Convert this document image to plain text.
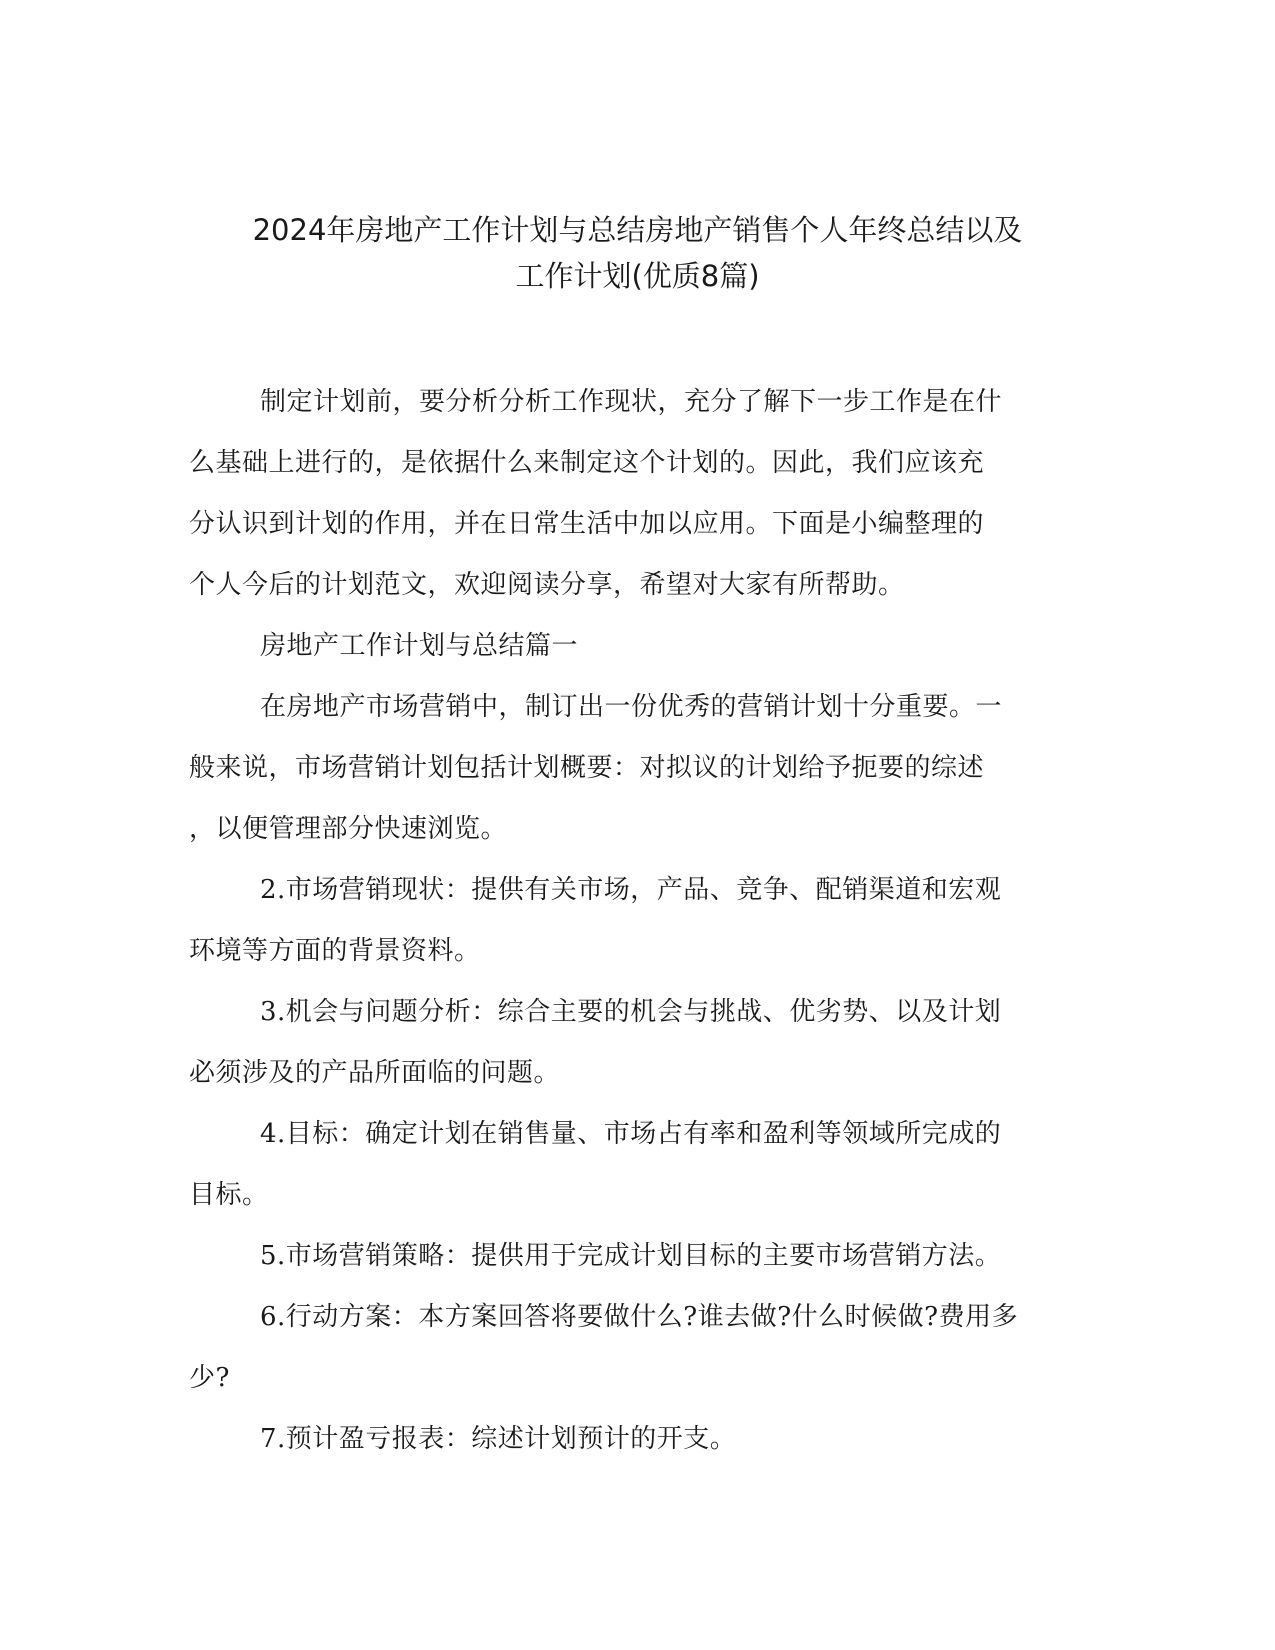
2024年房地产工作计划与总结房地产销售个人年终总结以及
工作计划(优质8篇)

制定计划前，要分析分析工作现状，充分了解下一步工作是在什
么基础上进行的，是依据什么来制定这个计划的。因此，我们应该充
分认识到计划的作用，并在日常生活中加以应用。下面是小编整理的
个人今后的计划范文，欢迎阅读分享，希望对大家有所帮助。

房地产工作计划与总结篇一

在房地产市场营销中，制订出一份优秀的营销计划十分重要。一
般来说，市场营销计划包括计划概要：对拟议的计划给予扼要的综述
，以便管理部分快速浏览。

2.市场营销现状：提供有关市场，产品、竞争、配销渠道和宏观
环境等方面的背景资料。

3.机会与问题分析：综合主要的机会与挑战、优劣势、以及计划
必须涉及的产品所面临的问题。

4.目标：确定计划在销售量、市场占有率和盈利等领域所完成的
目标。

5.市场营销策略：提供用于完成计划目标的主要市场营销方法。

6.行动方案：本方案回答将要做什么?谁去做?什么时候做?费用多
少?

7.预计盈亏报表：综述计划预计的开支。
